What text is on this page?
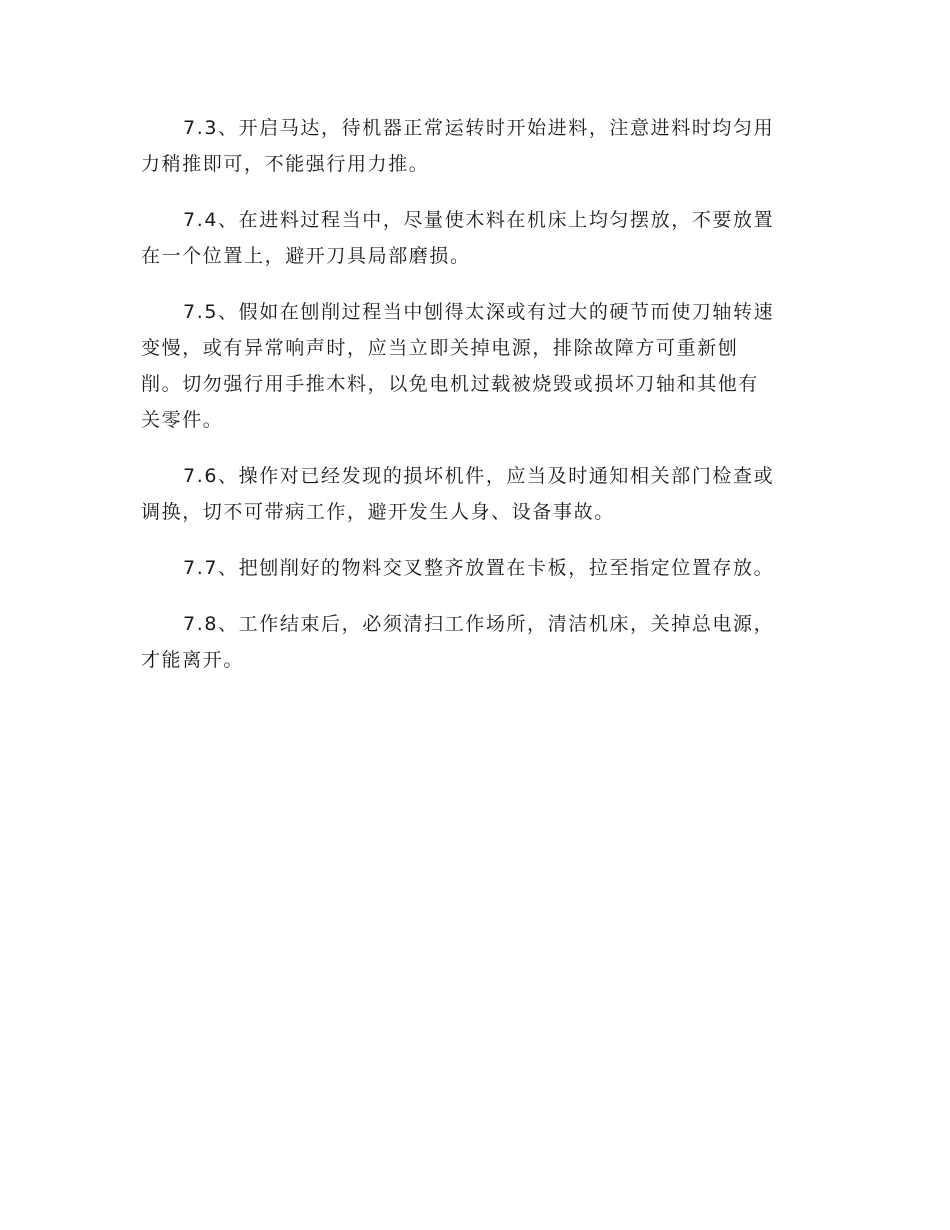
7.3、开启马达，待机器正常运转时开始进料，注意进料时均匀用
力稍推即可，不能强行用力推。

7.4、在进料过程当中，尽量使木料在机床上均匀摆放，不要放置
在一个位置上，避开刀具局部磨损。

7.5、假如在刨削过程当中刨得太深或有过大的硬节而使刀轴转速
变慢，或有异常响声时，应当立即关掉电源，排除故障方可重新刨
削。切勿强行用手推木料，以免电机过载被烧毁或损坏刀轴和其他有
关零件。

7.6、操作对已经发现的损坏机件，应当及时通知相关部门检查或
调换，切不可带病工作，避开发生人身、设备事故。

7.7、把刨削好的物料交叉整齐放置在卡板，拉至指定位置存放。

7.8、工作结束后，必须清扫工作场所，清洁机床，关掉总电源，
才能离开。
